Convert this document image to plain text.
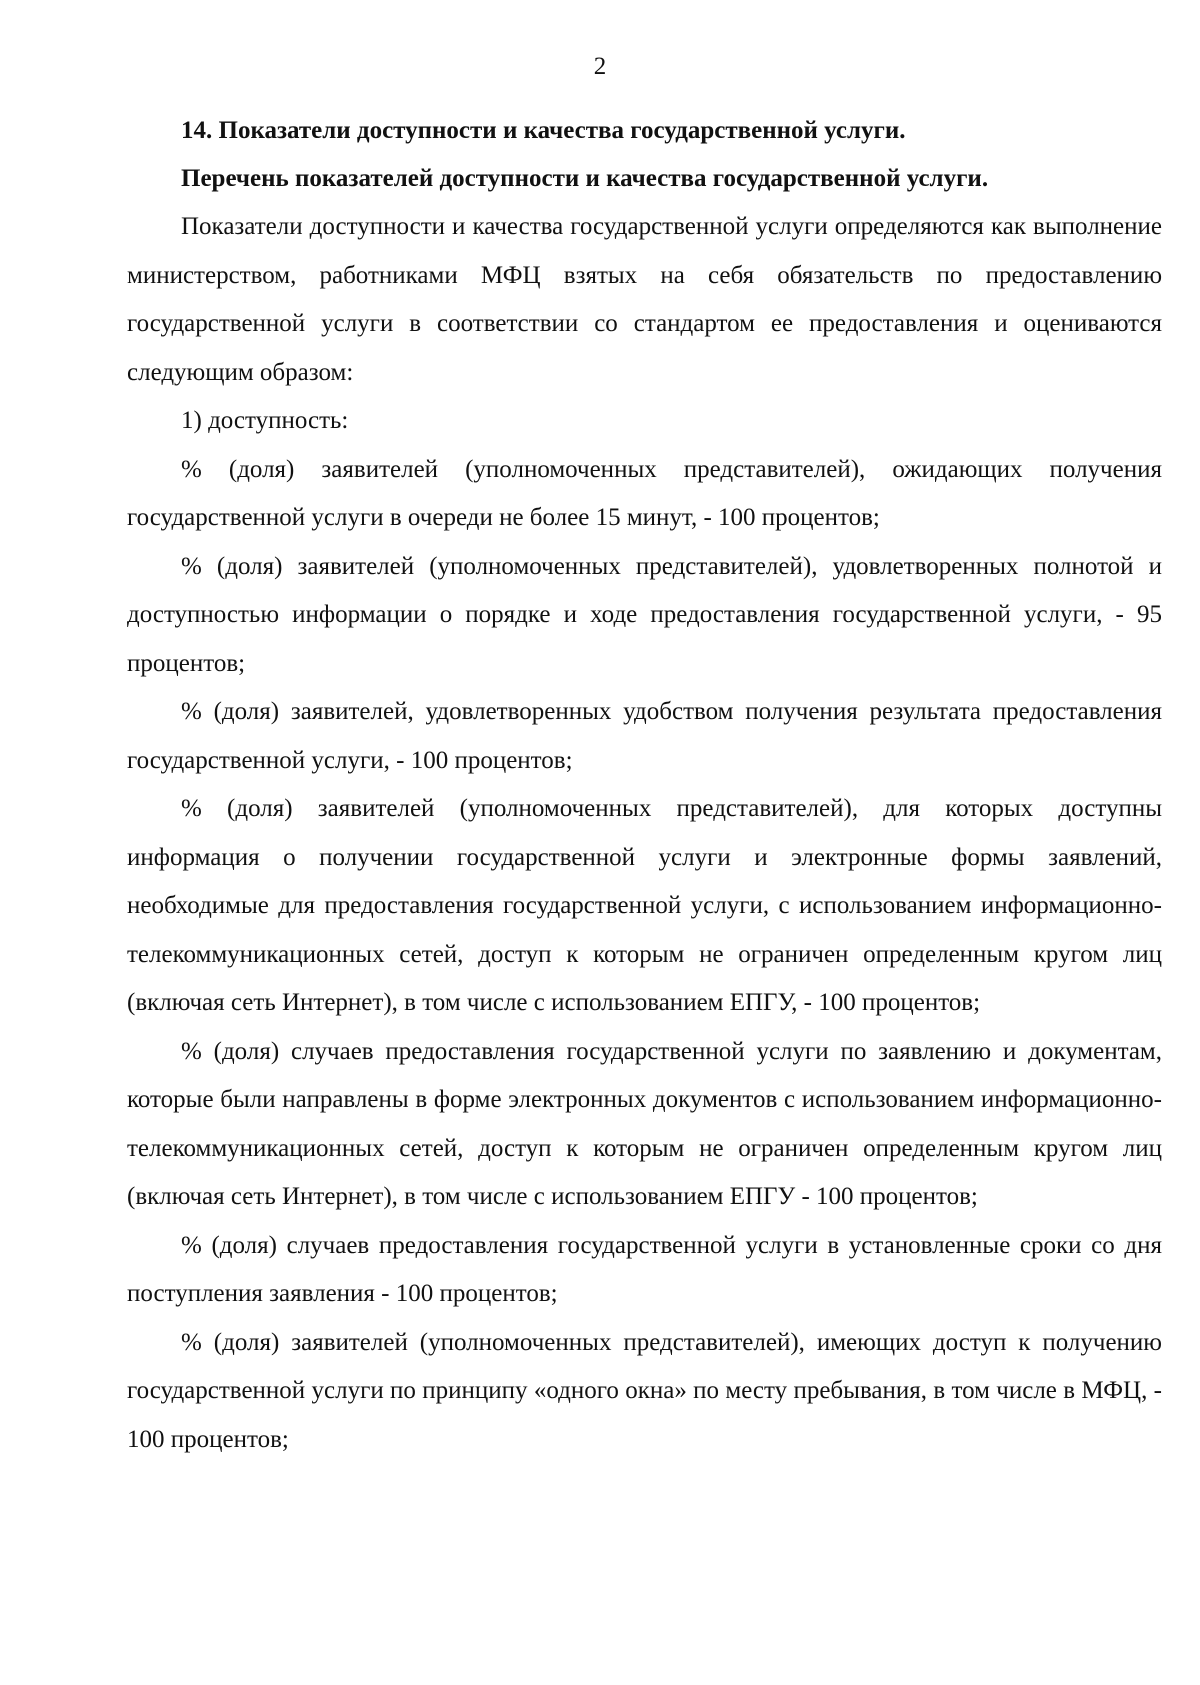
2

14. Показатели доступности и качества государственной услуги.

Перечень показателей доступности и качества государственной услуги.

Показатели доступности и качества государственной услуги определяются как выполнение министерством, работниками МФЦ взятых на себя обязательств по предоставлению государственной услуги в соответствии со стандартом ее предоставления и оцениваются следующим образом:

1) доступность:

% (доля) заявителей (уполномоченных представителей), ожидающих получения государственной услуги в очереди не более 15 минут, - 100 процентов;

% (доля) заявителей (уполномоченных представителей), удовлетворенных полнотой и доступностью информации о порядке и ходе предоставления государственной услуги, - 95 процентов;

% (доля) заявителей, удовлетворенных удобством получения результата предоставления государственной услуги, - 100 процентов;

% (доля) заявителей (уполномоченных представителей), для которых доступны информация о получении государственной услуги и электронные формы заявлений, необходимые для предоставления государственной услуги, с использованием информационно-телекоммуникационных сетей, доступ к которым не ограничен определенным кругом лиц (включая сеть Интернет), в том числе с использованием ЕПГУ, - 100 процентов;

% (доля) случаев предоставления государственной услуги по заявлению и документам, которые были направлены в форме электронных документов с использованием информационно-телекоммуникационных сетей, доступ к которым не ограничен определенным кругом лиц (включая сеть Интернет), в том числе с использованием ЕПГУ - 100 процентов;

% (доля) случаев предоставления государственной услуги в установленные сроки со дня поступления заявления - 100 процентов;

% (доля) заявителей (уполномоченных представителей), имеющих доступ к получению государственной услуги по принципу «одного окна» по месту пребывания, в том числе в МФЦ, - 100 процентов;
